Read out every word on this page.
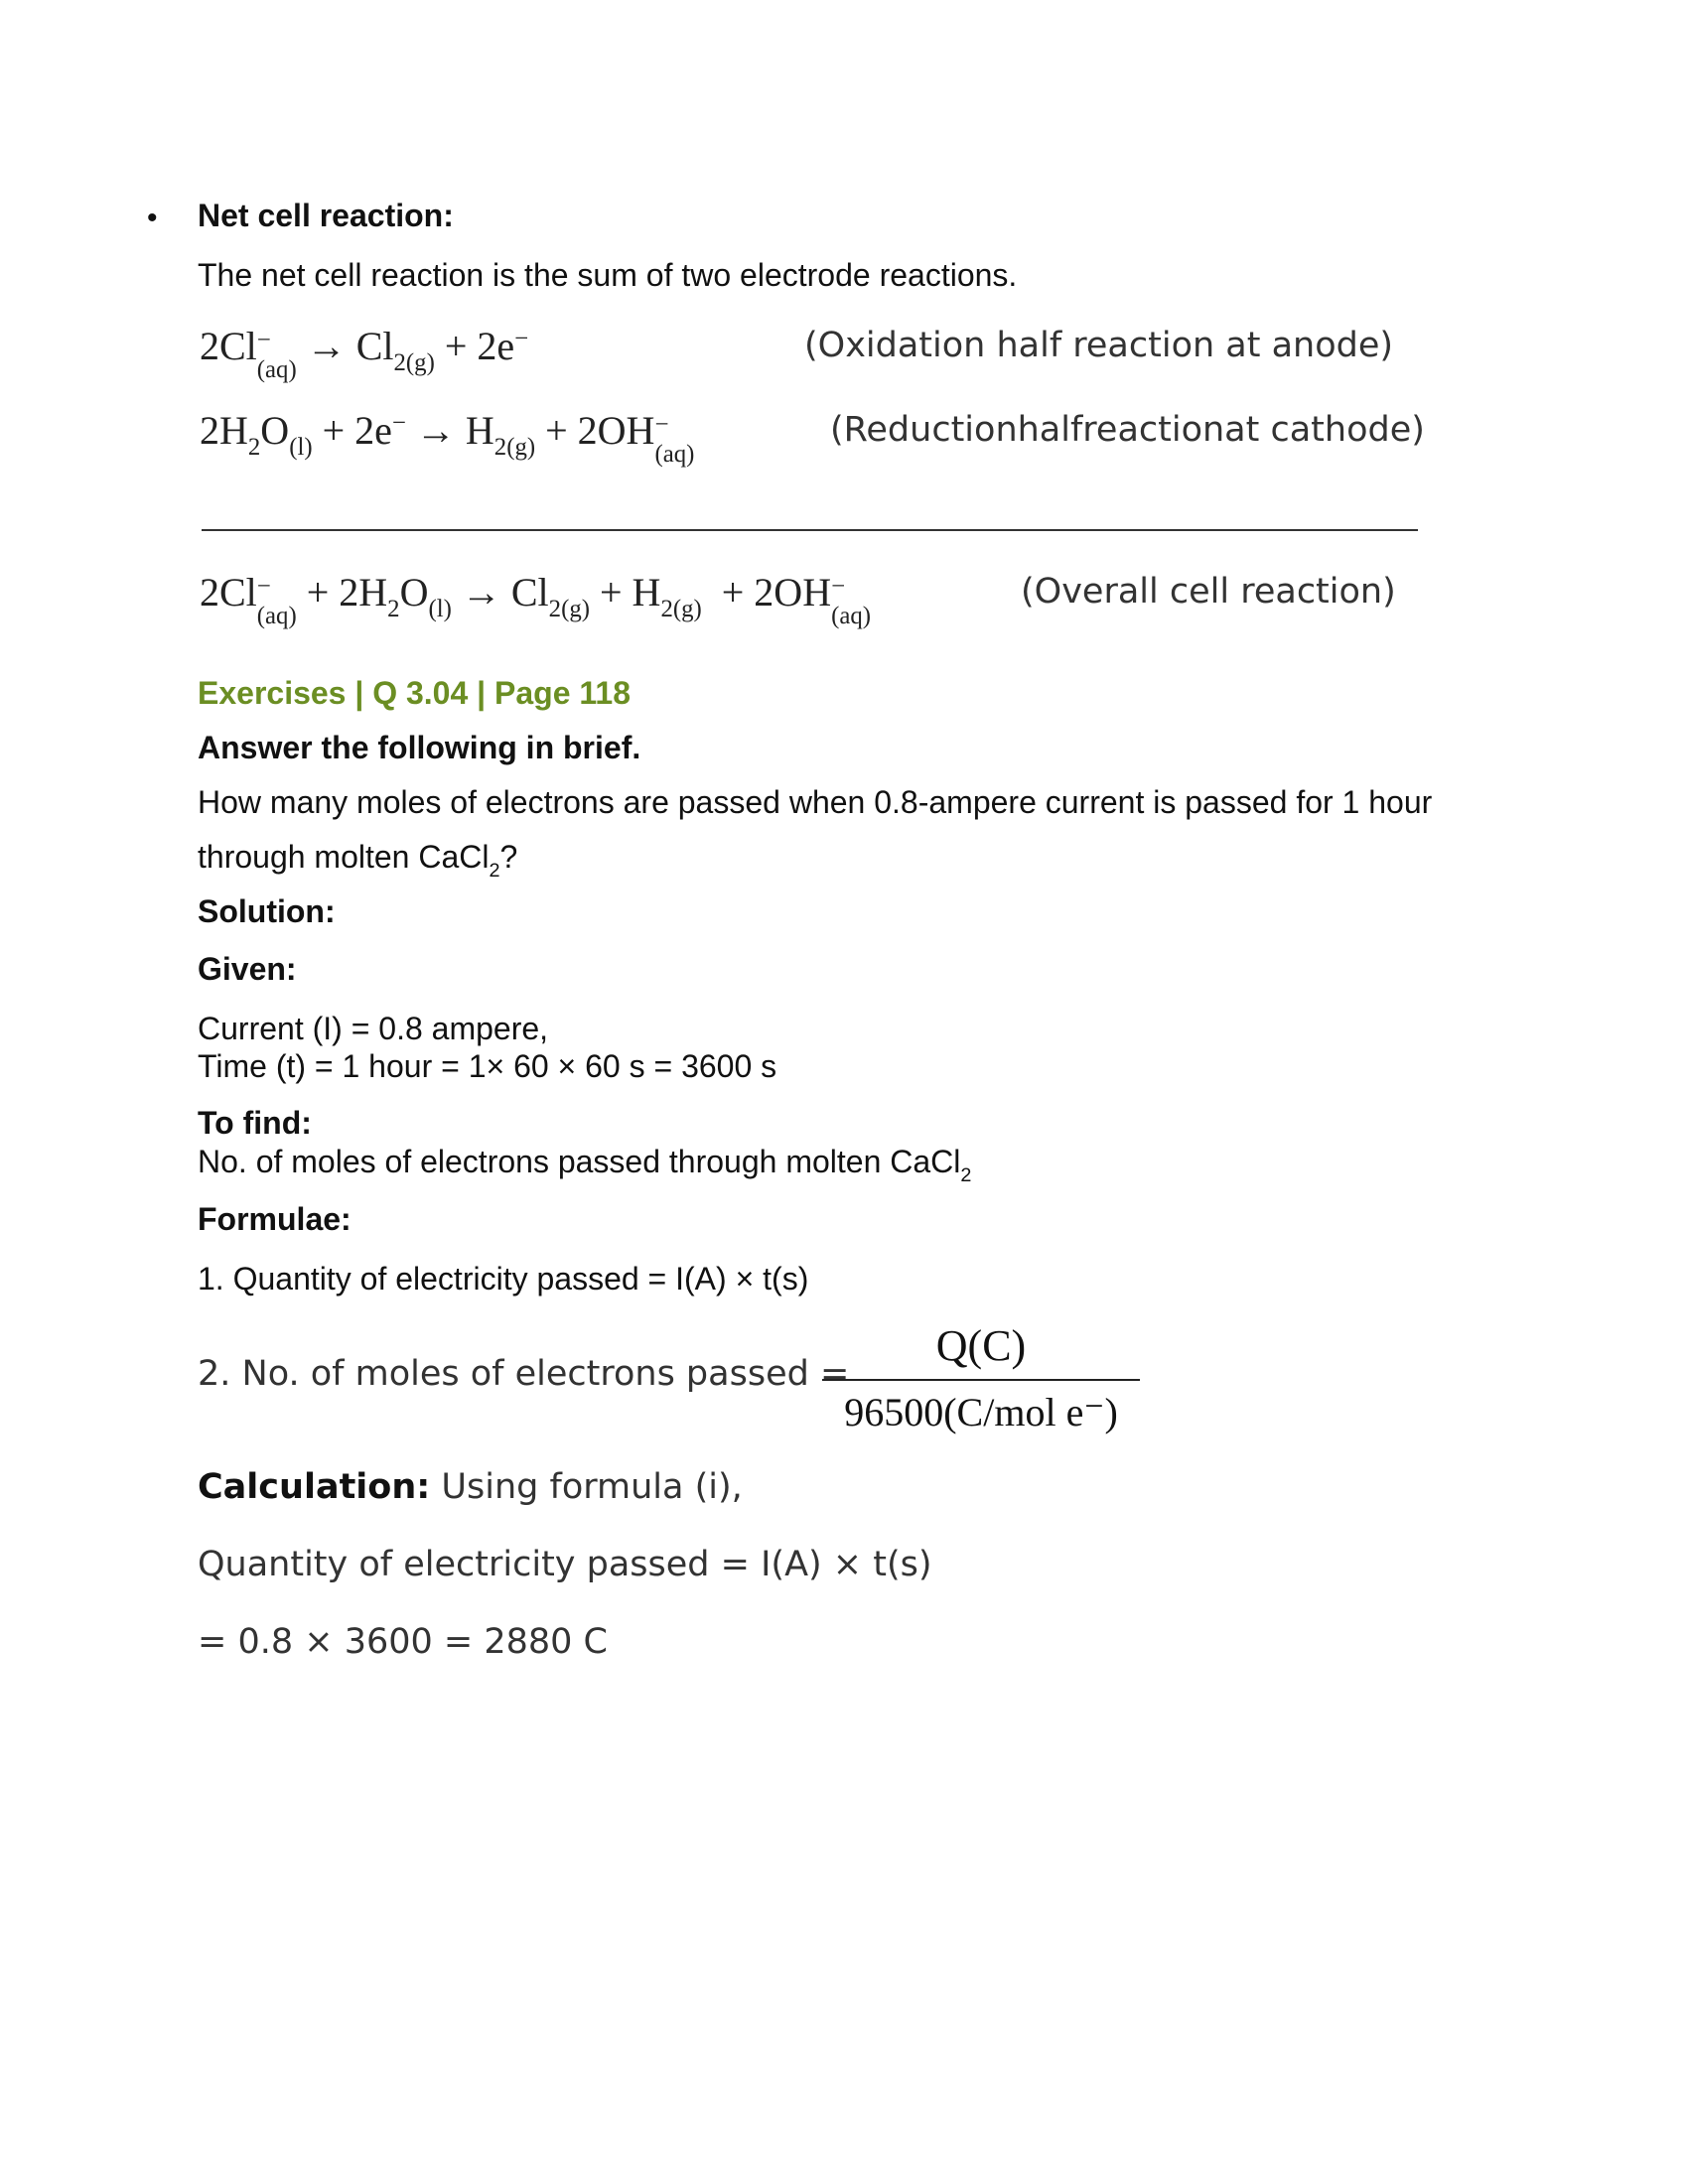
• Net cell reaction:
The net cell reaction is the sum of two electrode reactions.
2Cl −
$(aq) \to Cl_{2(g)} + 2e^-$	(Oxidation half reaction at anode)
$2H_2O_{(l)} + 2e^- \to H_{2(g)} + 2OH$ −
(aq)
(Reductionhalfreactionat cathode)
2Cl −
$(aq) + 2H_2O_{(l)} \to Cl_{2(g)} + H_{2(g)} + 2OH$ −
(aq)
(Overall cell reaction)
Exercises | Q 3.04 | Page 118
Answer the following in brief.
How many moles of electrons are passed when 0.8-ampere current is passed for 1 hour
through molten CaCl$_2$?
Solution:
Given:
Current (I) = 0.8 ampere,
Time (t) = 1 hour = 1× 60 × 60 s = 3600 s
To find:
No. of moles of electrons passed through molten CaCl$_2$
Formulae:
1. Quantity of electricity passed = I(A) × t(s)
2. No. of moles of electrons passed =
Q(C)
96500(C/mol e⁻)
Calculation: Using formula (i),
Quantity of electricity passed = I(A) × t(s)
= 0.8 × 3600 = 2880 C
